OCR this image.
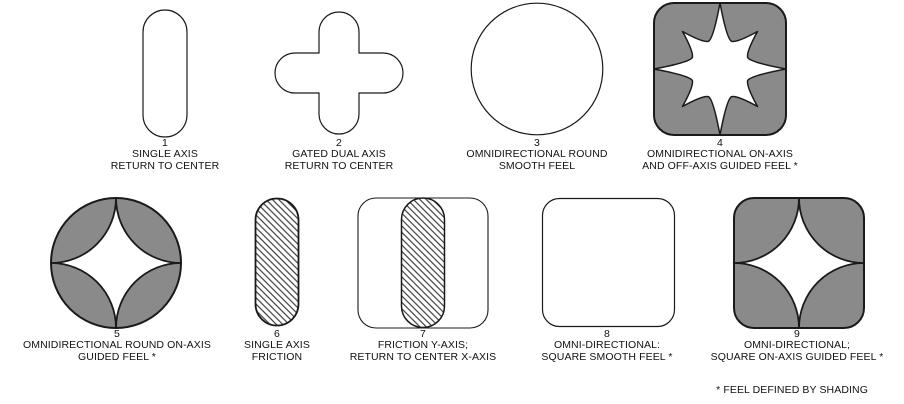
1
SINGLE AXIS
RETURN TO CENTER
2
GATED DUAL AXIS
RETURN TO CENTER
3
OMNIDIRECTIONAL ROUND
SMOOTH FEEL
4
OMNIDIRECTIONAL ON-AXIS
AND OFF-AXIS GUIDED FEEL *
5
OMNIDIRECTIONAL ROUND ON-AXIS
GUIDED FEEL *
6
SINGLE AXIS
FRICTION
7
FRICTION Y-AXIS;
RETURN TO CENTER X-AXIS
8
OMNI-DIRECTIONAL:
SQUARE SMOOTH FEEL *
9
OMNI-DIRECTIONAL;
SQUARE ON-AXIS GUIDED FEEL *
* FEEL DEFINED BY SHADING
